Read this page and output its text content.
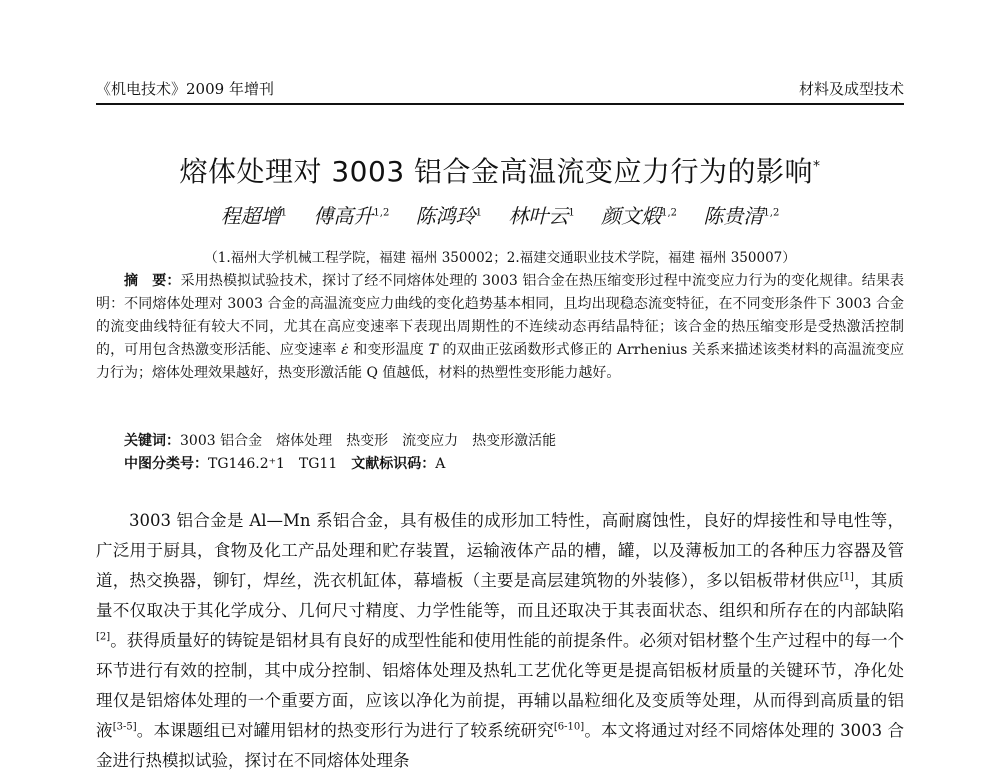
《机电技术》2009 年增刊	材料及成型技术
熔体处理对 3003 铝合金高温流变应力行为的影响*
程超增$^1$ 傅高升$^{1,2}$ 陈鸿玲$^1$ 林叶云$^1$ 颜文煅$^{1,2}$ 陈贵清$^{1,2}$
（1.福州大学机械工程学院，福建 福州 350002；2.福建交通职业技术学院，福建 福州 350007）
摘　要：采用热模拟试验技术，探讨了经不同熔体处理的 3003 铝合金在热压缩变形过程中流变应力行为的变化规律。结果表明：不同熔体处理对 3003 合金的高温流变应力曲线的变化趋势基本相同，且均出现稳态流变特征，在不同变形条件下 3003 合金的流变曲线特征有较大不同，尤其在高应变速率下表现出周期性的不连续动态再结晶特征；该合金的热压缩变形是受热激活控制的，可用包含热激变形活能、应变速率 ε̇ 和变形温度 T 的双曲正弦函数形式修正的 Arrhenius 关系来描述该类材料的高温流变应力行为；熔体处理效果越好，热变形激活能 Q 值越低，材料的热塑性变形能力越好。
关键词：3003 铝合金 熔体处理 热变形 流变应力 热变形激活能
中图分类号：TG146.2⁺1　TG11 文献标识码：A
3003 铝合金是 Al—Mn 系铝合金，具有极佳的成形加工特性，高耐腐蚀性，良好的焊接性和导电性等，广泛用于厨具，食物及化工产品处理和贮存装置，运输液体产品的槽，罐，以及薄板加工的各种压力容器及管道，热交换器，铆钉，焊丝，洗衣机缸体，幕墙板（主要是高层建筑物的外装修），多以铝板带材供应[1]，其质量不仅取决于其化学成分、几何尺寸精度、力学性能等，而且还取决于其表面状态、组织和所存在的内部缺陷[2]。获得质量好的铸锭是铝材具有良好的成型性能和使用性能的前提条件。必须对铝材整个生产过程中的每一个环节进行有效的控制，其中成分控制、铝熔体处理及热轧工艺优化等更是提高铝板材质量的关键环节，净化处理仅是铝熔体处理的一个重要方面，应该以净化为前提，再辅以晶粒细化及变质等处理，从而得到高质量的铝液[3-5]。本课题组已对罐用铝材的热变形行为进行了较系统研究[6-10]。本文将通过对经不同熔体处理的 3003 合金进行热模拟试验，探讨在不同熔体处理条
